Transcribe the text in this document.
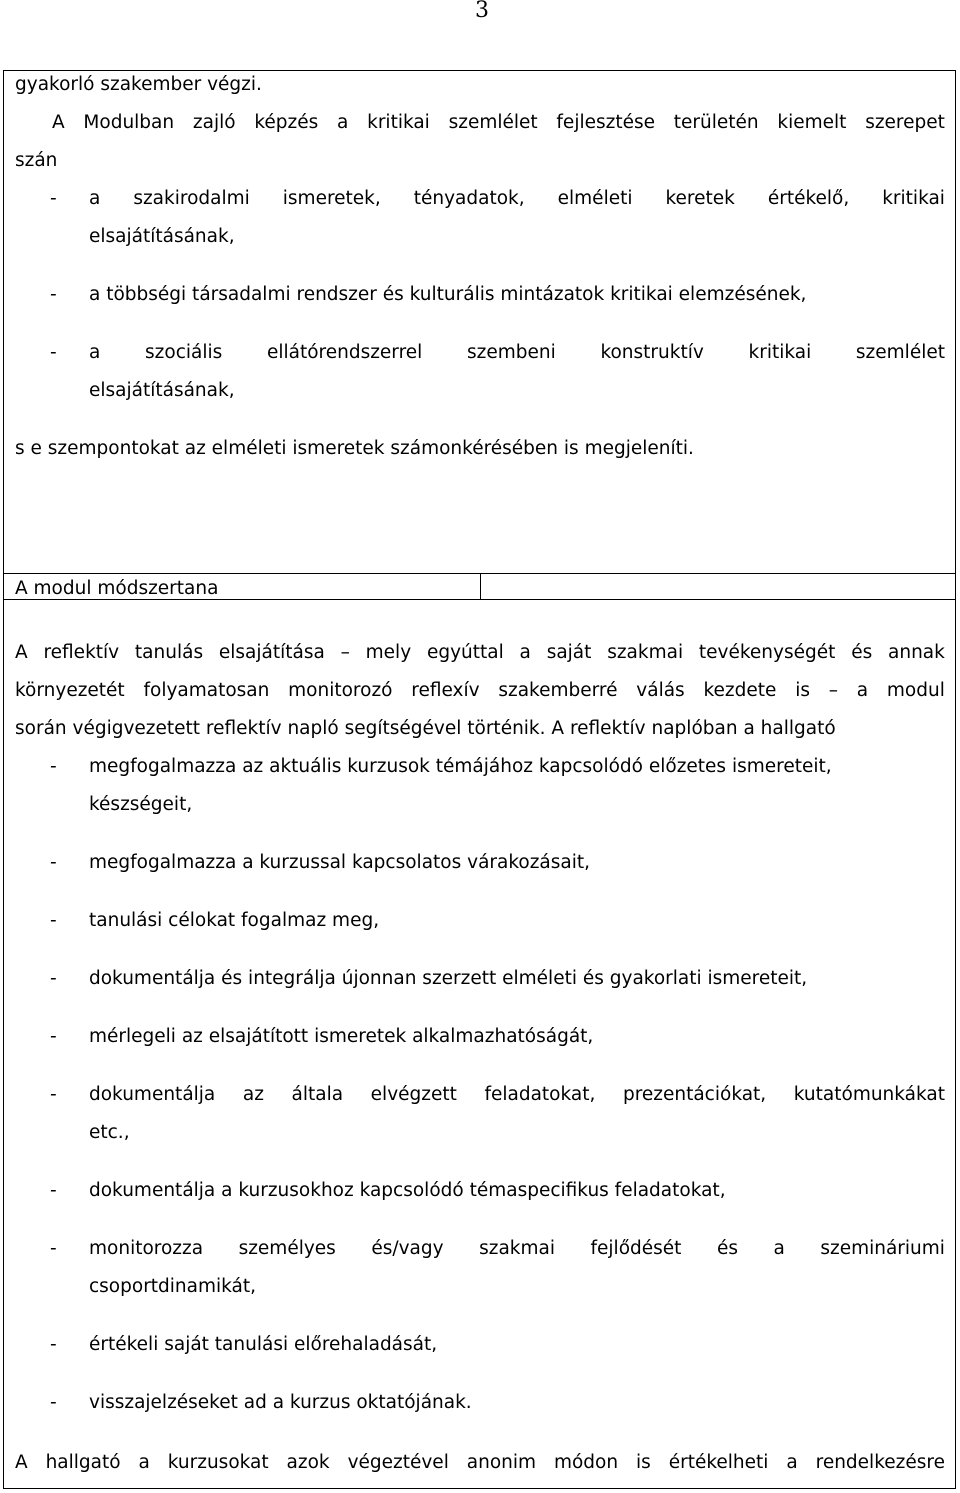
3
gyakorló szakember végzi.
A Modulban zajló képzés a kritikai szemlélet fejlesztése területén kiemelt szerepet
szán
- a szakirodalmi ismeretek, tényadatok, elméleti keretek értékelő, kritikai
elsajátításának,
- a többségi társadalmi rendszer és kulturális mintázatok kritikai elemzésének,
- a szociális ellátórendszerrel szembeni konstruktív kritikai szemlélet
elsajátításának,
s e szempontokat az elméleti ismeretek számonkérésében is megjeleníti.
A modul módszertana
A reflektív tanulás elsajátítása – mely egyúttal a saját szakmai tevékenységét és annak
környezetét folyamatosan monitorozó reflexív szakemberré válás kezdete is – a modul
során végigvezetett reflektív napló segítségével történik. A reflektív naplóban a hallgató
- megfogalmazza az aktuális kurzusok témájához kapcsolódó előzetes ismereteit,
készségeit,
- megfogalmazza a kurzussal kapcsolatos várakozásait,
- tanulási célokat fogalmaz meg,
- dokumentálja és integrálja újonnan szerzett elméleti és gyakorlati ismereteit,
- mérlegeli az elsajátított ismeretek alkalmazhatóságát,
- dokumentálja az általa elvégzett feladatokat, prezentációkat, kutatómunkákat
etc.,
- dokumentálja a kurzusokhoz kapcsolódó témaspecifikus feladatokat,
- monitorozza személyes és/vagy szakmai fejlődését és a szemináriumi
csoportdinamikát,
- értékeli saját tanulási előrehaladását,
- visszajelzéseket ad a kurzus oktatójának.
A hallgató a kurzusokat azok végeztével anonim módon is értékelheti a rendelkezésre
